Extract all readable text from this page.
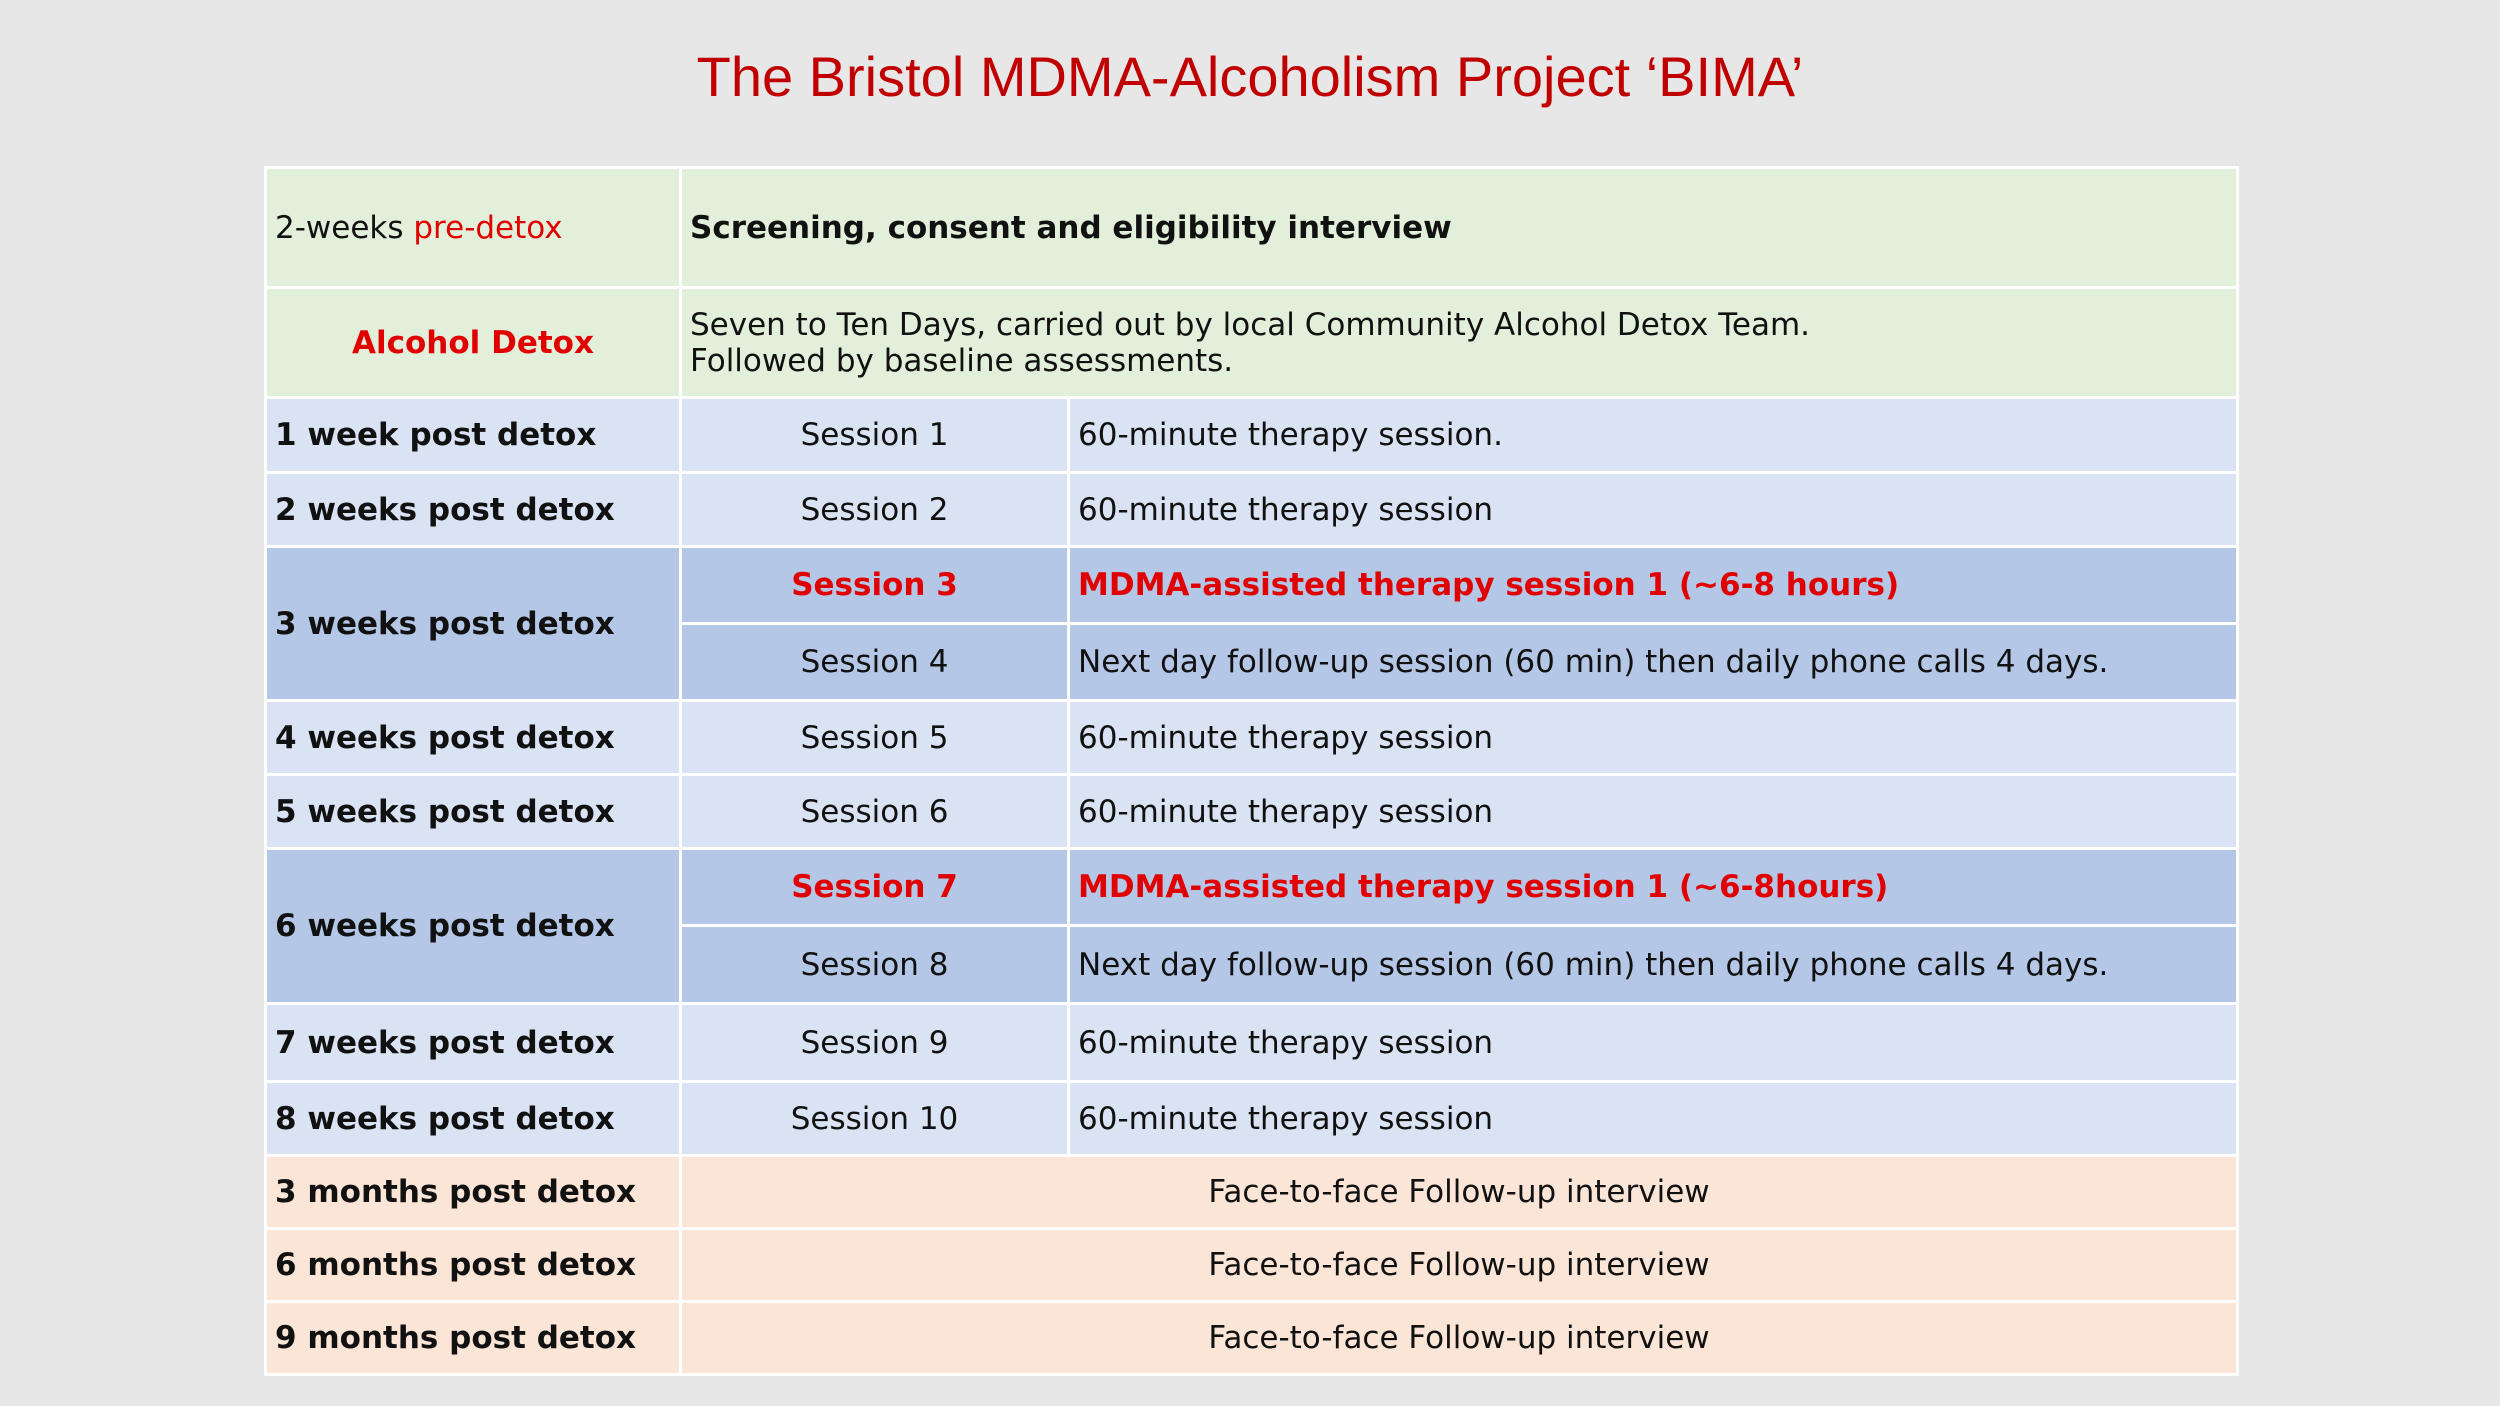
The Bristol MDMA-Alcoholism Project ‘BIMA’
2-weeks pre-detox	Screening, consent and eligibility interview	
Alcohol Detox	Seven to Ten Days, carried out by local Community Alcohol Detox Team.
Followed by baseline assessments.	

1 week post detox	Session 1	60-minute therapy session.
2 weeks post detox	Session 2	60-minute therapy session
3 weeks post detox	Session 3	MDMA-assisted therapy session 1 (~6-8 hours)
	Session 4	Next day follow-up session (60 min) then daily phone calls 4 days.
4 weeks post detox	Session 5	60-minute therapy session
5 weeks post detox	Session 6	60-minute therapy session
6 weeks post detox	Session 7	MDMA-assisted therapy session 1 (~6-8hours)
	Session 8	Next day follow-up session (60 min) then daily phone calls 4 days.
7 weeks post detox	Session 9	60-minute therapy session
8 weeks post detox	Session 10	60-minute therapy session
3 months post detox	Face-to-face Follow-up interview	
6 months post detox	Face-to-face Follow-up interview	
9 months post detox	Face-to-face Follow-up interview	
